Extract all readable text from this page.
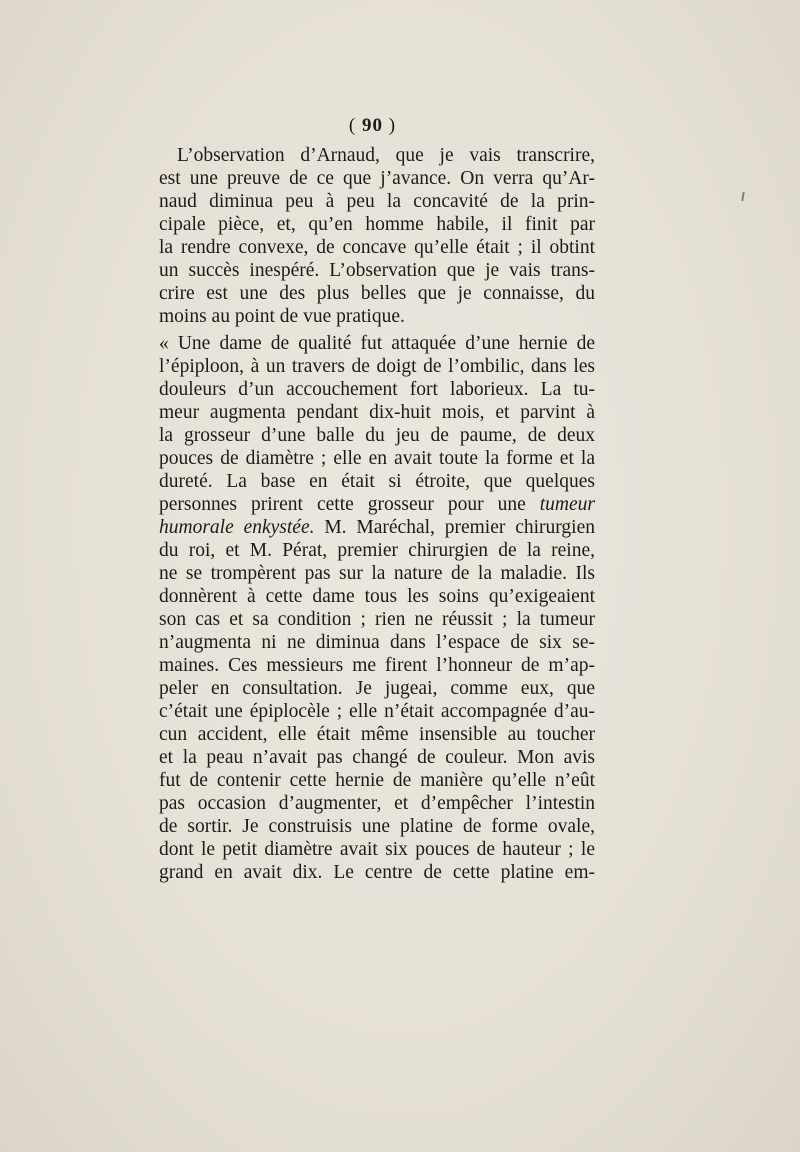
( 90 )
L’observation d’Arnaud, que je vais transcrire,
est une preuve de ce que j’avance. On verra qu’Ar-
naud diminua peu à peu la concavité de la prin-
cipale pièce, et, qu’en homme habile, il finit par
la rendre convexe, de concave qu’elle était ; il obtint
un succès inespéré. L’observation que je vais trans-
crire est une des plus belles que je connaisse, du
moins au point de vue pratique.
« Une dame de qualité fut attaquée d’une hernie de
l’épiploon, à un travers de doigt de l’ombilic, dans les
douleurs d’un accouchement fort laborieux. La tu-
meur augmenta pendant dix-huit mois, et parvint à
la grosseur d’une balle du jeu de paume, de deux
pouces de diamètre ; elle en avait toute la forme et la
dureté. La base en était si étroite, que quelques
personnes prirent cette grosseur pour une tumeur
humorale enkystée. M. Maréchal, premier chirurgien
du roi, et M. Pérat, premier chirurgien de la reine,
ne se trompèrent pas sur la nature de la maladie. Ils
donnèrent à cette dame tous les soins qu’exigeaient
son cas et sa condition ; rien ne réussit ; la tumeur
n’augmenta ni ne diminua dans l’espace de six se-
maines. Ces messieurs me firent l’honneur de m’ap-
peler en consultation. Je jugeai, comme eux, que
c’était une épiplocèle ; elle n’était accompagnée d’au-
cun accident, elle était même insensible au toucher
et la peau n’avait pas changé de couleur. Mon avis
fut de contenir cette hernie de manière qu’elle n’eût
pas occasion d’augmenter, et d’empêcher l’intestin
de sortir. Je construisis une platine de forme ovale,
dont le petit diamètre avait six pouces de hauteur ; le
grand en avait dix. Le centre de cette platine em-
